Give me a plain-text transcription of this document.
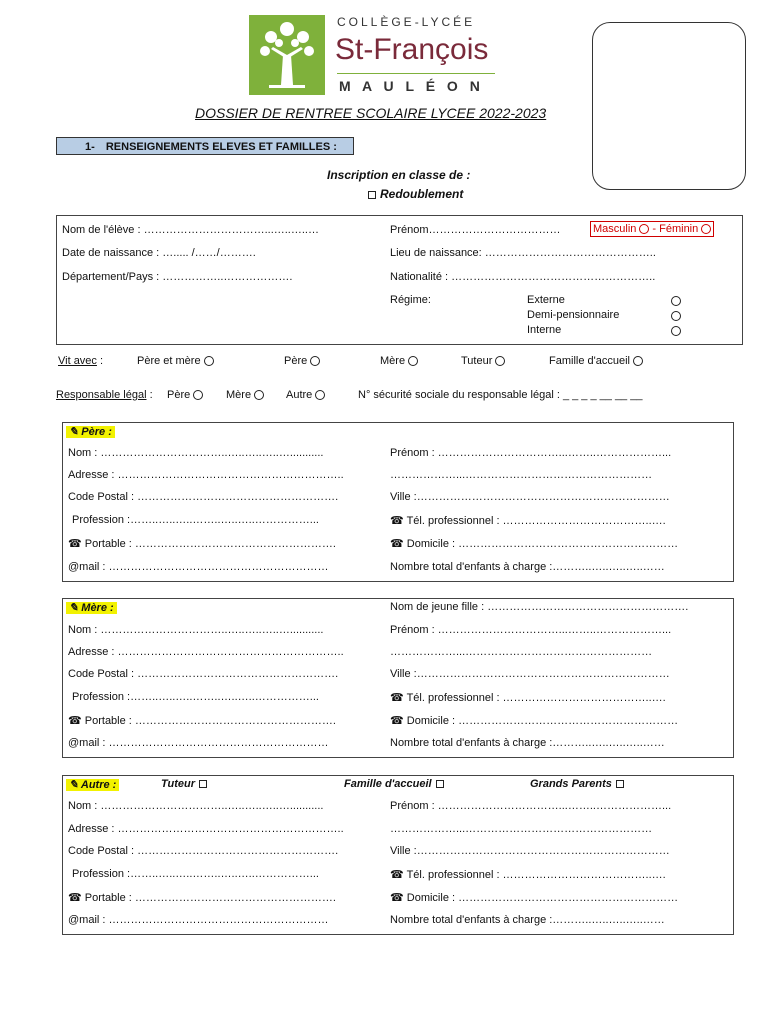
COLLÈGE-LYCÉE
St-François
M A U L É O N
DOSSIER DE RENTREE SCOLAIRE LYCEE 2022-2023
1- RENSEIGNEMENTS ELEVES ET FAMILLES :
Inscription en classe de :
Redoublement
Nom de l'élève : ……………………………...…..…..…	Prénom………………………………	Masculin - Féminin
Date de naissance : …..... /……/……….	Lieu de naissance: ………………………………………..
Département/Pays : ……………..……………….	Nationalité : ………………………………………………..
Régime:	Externe
Demi-pensionnaire
Interne
Vit avec :	Père et mère	Père	Mère	Tuteur	Famille d'accueil
Responsable légal : Père	Mère	Autre	N° sécurité sociale du responsable légal : _ _ _ _ __ __ __
✎ Père :
Nom : ……………………………..…..…..…..…...........	Prénom : ……………………………...……..………………...
Adresse : ……………………………………………………..	………………...……………………………………………
Code Postal : ……………………………………………….	Ville :……………………………………………………………
Profession :……..…..…..……..…..…..……………...	☎ Tél. professionnel : …………………………………..….
☎ Portable : ……………………………………………….	☎ Domicile : ……………………………………………………
@mail : ……………………………………………………	Nombre total d'enfants à charge :………..…..…..…..……
✎ Mère :	Nom de jeune fille : ……………………………………………….
Nom : ……………………………..…..…..…..…...........	Prénom : ……………………………...……..………………...
Adresse : ……………………………………………………..	………………...……………………………………………
Code Postal : ……………………………………………….	Ville :……………………………………………………………
Profession :……..…..…..……..…..…..……………...	☎ Tél. professionnel : …………………………………..….
☎ Portable : ……………………………………………….	☎ Domicile : ……………………………………………………
@mail : ……………………………………………………	Nombre total d'enfants à charge :………..…..…..…..……
✎ Autre :	Tuteur	Famille d'accueil	Grands Parents
Nom : ……………………………..…..…..…..…...........	Prénom : ……………………………...……..………………...
Adresse : ……………………………………………………..	………………...……………………………………………
Code Postal : ……………………………………………….	Ville :……………………………………………………………
Profession :……..…..…..……..…..…..……………...	☎ Tél. professionnel : …………………………………..….
☎ Portable : ……………………………………………….	☎ Domicile : ……………………………………………………
@mail : ……………………………………………………	Nombre total d'enfants à charge :………..…..…..…..……
